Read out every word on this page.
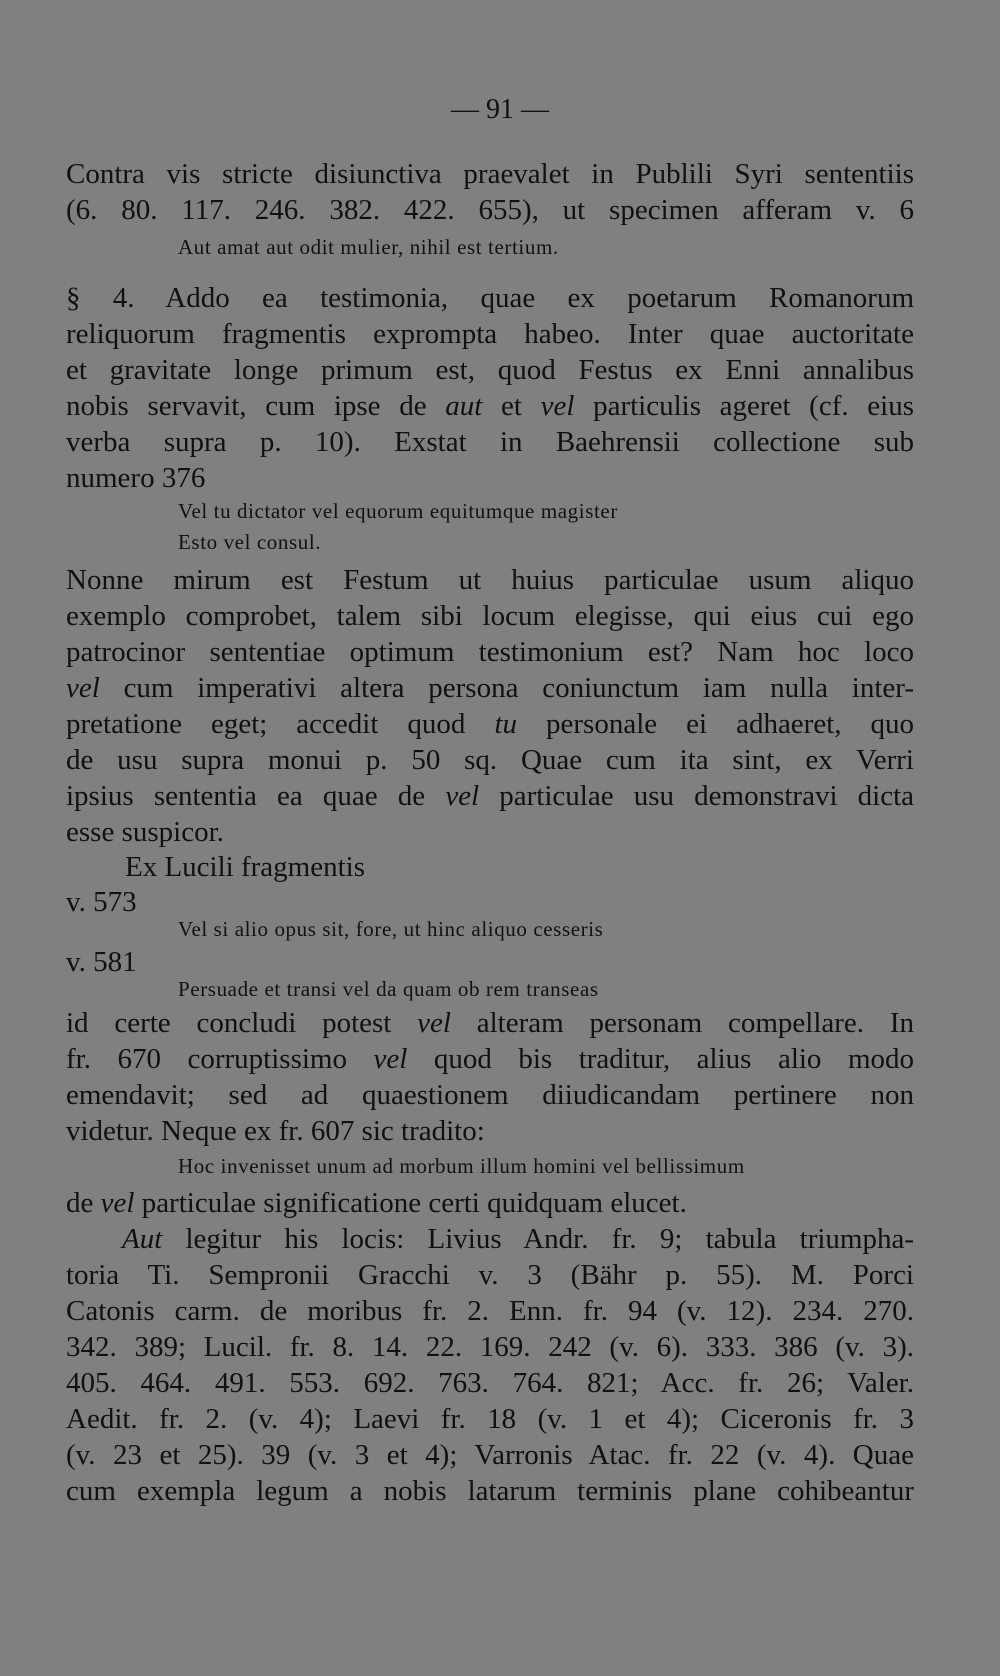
— 91 —
Contra vis stricte disiunctiva praevalet in Publili Syri sententiis
(6. 80. 117. 246. 382. 422. 655), ut specimen afferam v. 6
Aut amat aut odit mulier, nihil est tertium.
§ 4. Addo ea testimonia, quae ex poetarum Romanorum
reliquorum fragmentis exprompta habeo. Inter quae auctoritate
et gravitate longe primum est, quod Festus ex Enni annalibus
nobis servavit, cum ipse de aut et vel particulis ageret (cf. eius
verba supra p. 10). Exstat in Baehrensii collectione sub
numero 376
Vel tu dictator vel equorum equitumque magister
Esto vel consul.
Nonne mirum est Festum ut huius particulae usum aliquo
exemplo comprobet, talem sibi locum elegisse, qui eius cui ego
patrocinor sententiae optimum testimonium est? Nam hoc loco
vel cum imperativi altera persona coniunctum iam nulla inter-
pretatione eget; accedit quod tu personale ei adhaeret, quo
de usu supra monui p. 50 sq. Quae cum ita sint, ex Verri
ipsius sententia ea quae de vel particulae usu demonstravi dicta
esse suspicor.
Ex Lucili fragmentis
v. 573
Vel si alio opus sit, fore, ut hinc aliquo cesseris
v. 581
Persuade et transi vel da quam ob rem transeas
id certe concludi potest vel alteram personam compellare. In
fr. 670 corruptissimo vel quod bis traditur, alius alio modo
emendavit; sed ad quaestionem diiudicandam pertinere non
videtur. Neque ex fr. 607 sic tradito:
Hoc invenisset unum ad morbum illum homini vel bellissimum
de vel particulae significatione certi quidquam elucet.
Aut legitur his locis: Livius Andr. fr. 9; tabula triumpha-
toria Ti. Sempronii Gracchi v. 3 (Bähr p. 55). M. Porci
Catonis carm. de moribus fr. 2. Enn. fr. 94 (v. 12). 234. 270.
342. 389; Lucil. fr. 8. 14. 22. 169. 242 (v. 6). 333. 386 (v. 3).
405. 464. 491. 553. 692. 763. 764. 821; Acc. fr. 26; Valer.
Aedit. fr. 2. (v. 4); Laevi fr. 18 (v. 1 et 4); Ciceronis fr. 3
(v. 23 et 25). 39 (v. 3 et 4); Varronis Atac. fr. 22 (v. 4). Quae
cum exempla legum a nobis latarum terminis plane cohibeantur
